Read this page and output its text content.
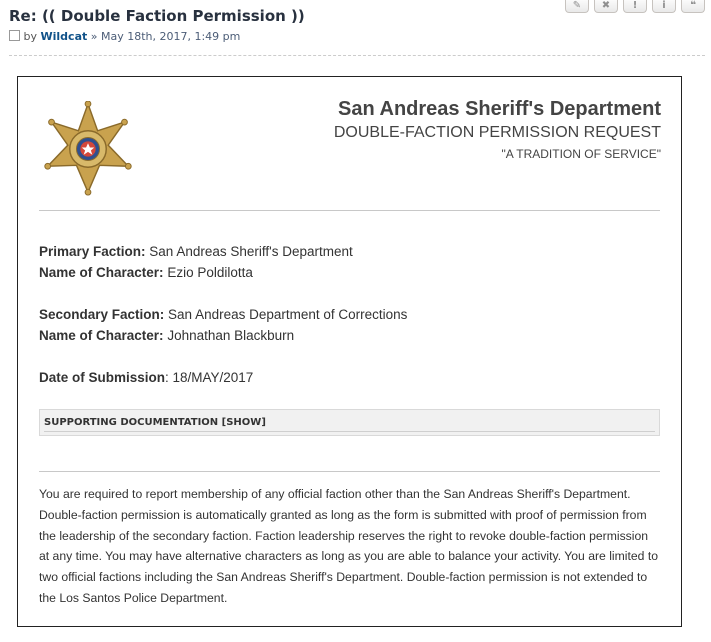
✎ ✖ !	i ❝
Re: (( Double Faction Permission ))
by Wildcat » May 18th, 2017, 1:49 pm
San Andreas Sheriff's Department
DOUBLE-FACTION PERMISSION REQUEST
"A TRADITION OF SERVICE"
Primary Faction: San Andreas Sheriff's Department
Name of Character: Ezio Poldilotta
Secondary Faction: San Andreas Department of Corrections
Name of Character: Johnathan Blackburn
Date of Submission: 18/MAY/2017
SUPPORTING DOCUMENTATION [SHOW]
You are required to report membership of any official faction other than the San Andreas Sheriff's Department. Double-faction permission is automatically granted as long as the form is submitted with proof of permission from the leadership of the secondary faction. Faction leadership reserves the right to revoke double-faction permission at any time. You may have alternative characters as long as you are able to balance your activity. You are limited to two official factions including the San Andreas Sheriff's Department. Double-faction permission is not extended to the Los Santos Police Department.
